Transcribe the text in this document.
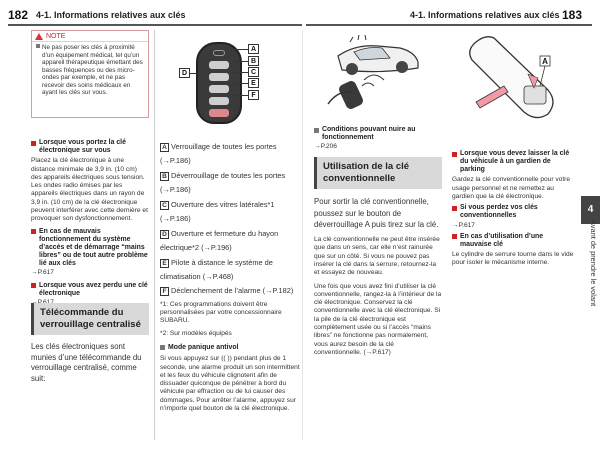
182 4-1. Informations relatives aux clés	4-1. Informations relatives aux clés 183
NOTE
Ne pas poser les clés à proximité d’un équipement médical, tel qu’un appareil thérapeutique émettant des basses fréquences ou des micro-ondes par exemple, et ne pas recevoir des soins médicaux en ayant les clés sur vous.
Lorsque vous portez la clé électronique sur vous
Placez la clé électronique à une distance minimale de 3,9 in. (10 cm) des appareils électriques sous tension. Les ondes radio émises par les appareils électriques dans un rayon de 3,9 in. (10 cm) de la clé électronique peuvent interférer avec cette dernière et provoquer son dysfonctionnement.
En cas de mauvais fonctionnement du système d’accès et de démarrage “mains libres” ou de tout autre problème lié aux clés
→P.617
Lorsque vous avez perdu une clé électronique
Télécommande du verrouillage centralisé
Les clés électroniques sont munies d’une télécommande du verrouillage centralisé, comme suit:
A
B
C
D
E
F
A Verrouillage de toutes les portes (→P.186)
B Déverrouillage de toutes les portes (→P.186)
C Ouverture des vitres latérales*1 (→P.186)
D Ouverture et fermeture du hayon électrique*2 (→P.196)
E Pilote à distance le système de climatisation (→P.468)
F Déclenchement de l’alarme (→P.182)
*1: Ces programmations doivent être personnalisées par votre concessionnaire SUBARU.
*2: Sur modèles équipés
Mode panique antivol
Si vous appuyez sur (( )) pendant plus de 1 seconde, une alarme produit un son intermittent et les feux du véhicule clignotent afin de dissuader quiconque de pénétrer à bord du véhicule par effraction ou de lui causer des dommages. Pour arrêter l’alarme, appuyez sur n’importe quel bouton de la clé électronique.
Conditions pouvant nuire au fonctionnement
→P.206
Utilisation de la clé conventionnelle
Pour sortir la clé conventionnelle, poussez sur le bouton de déverrouillage A puis tirez sur la clé.
La clé conventionnelle ne peut être insérée que dans un sens, car elle n’est rainurée que sur un côté. Si vous ne pouvez pas insérer la clé dans la serrure, retournez-la et essayez de nouveau.
Une fois que vous avez fini d’utiliser la clé conventionnelle, rangez-la à l’intérieur de la clé électronique. Conservez la clé conventionnelle avec la clé électronique. Si la pile de la clé électronique est complètement usée ou si l’accès “mains libres” ne fonctionne pas normalement, vous aurez besoin de la clé conventionnelle. (→P.617)
A
Lorsque vous devez laisser la clé du véhicule à un gardien de parking
Gardez la clé conventionnelle pour votre usage personnel et ne remettez au gardien que la clé électronique.
Si vous perdez vos clés conventionnelles
→P.617
En cas d’utilisation d’une mauvaise clé
Le cylindre de serrure tourne dans le vide pour isoler le mécanisme interne.
4
Avant de prendre le volant
